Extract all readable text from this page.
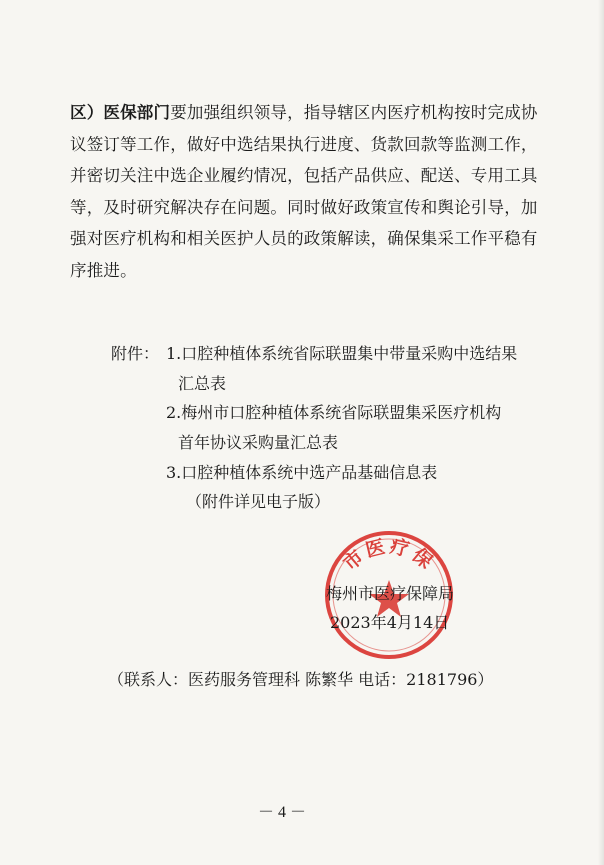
区）医保部门要加强组织领导，指导辖区内医疗机构按时完成协议签订等工作，做好中选结果执行进度、货款回款等监测工作，并密切关注中选企业履约情况，包括产品供应、配送、专用工具等，及时研究解决存在问题。同时做好政策宣传和舆论引导，加强对医疗机构和相关医护人员的政策解读，确保集采工作平稳有序推进。
附件： 1.口腔种植体系统省际联盟集中带量采购中选结果
汇总表
2.梅州市口腔种植体系统省际联盟集采医疗机构
首年协议采购量汇总表
3.口腔种植体系统中选产品基础信息表
（附件详见电子版）
市医疗保
梅州市医疗保障局
2023年4月14日
（联系人：医药服务管理科 陈繁华 电话：2181796）
－ 4 －
